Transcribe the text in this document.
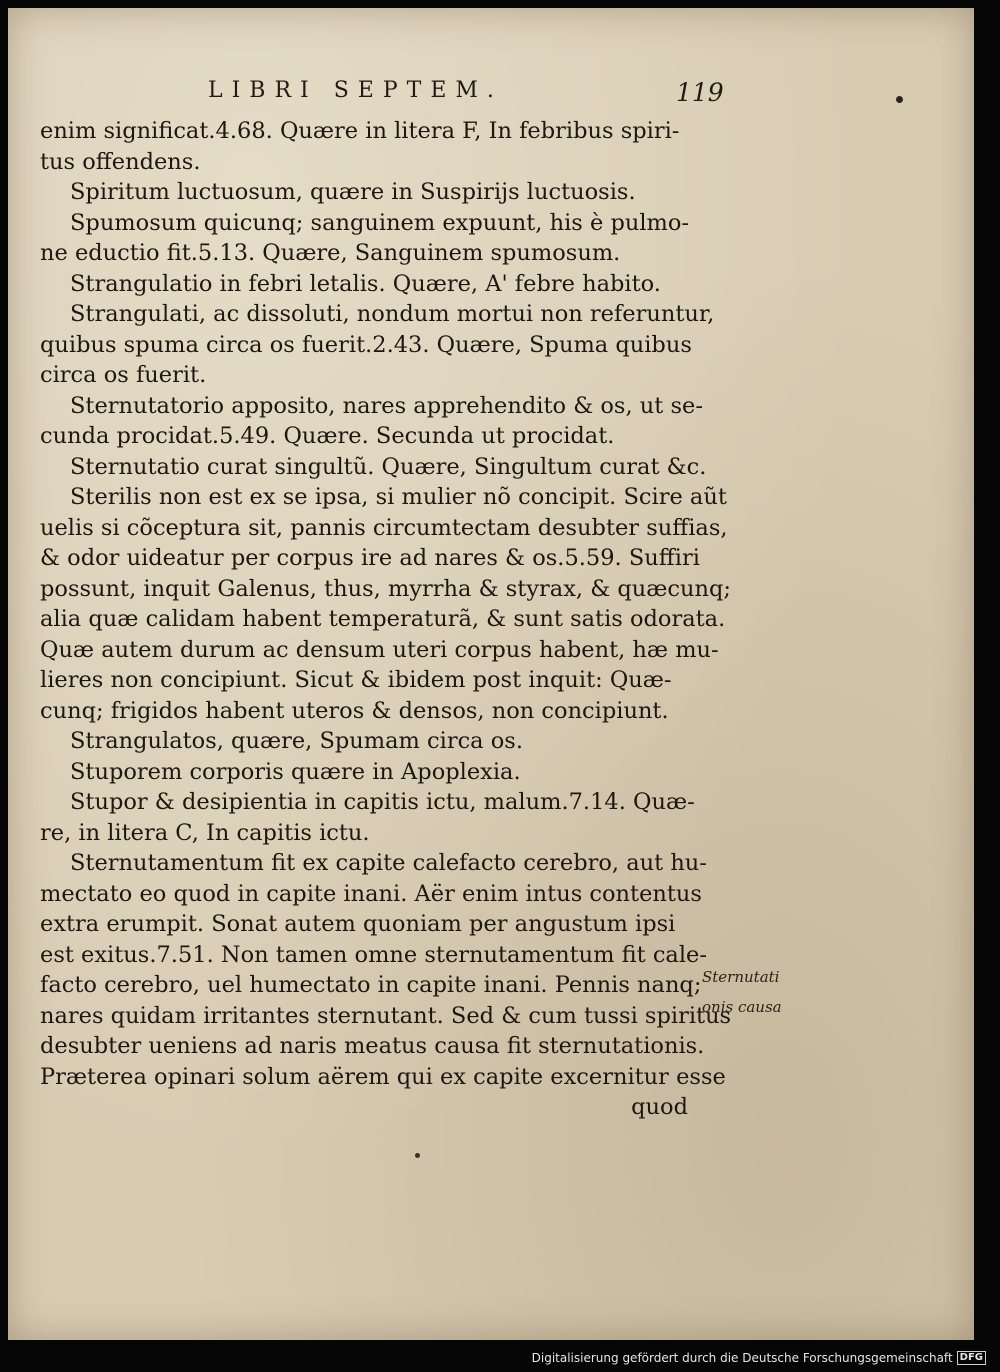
LIBRI SEPTEM.	119
enim significat.4.68. Quære in litera F, In febribus spiri-
tus offendens.
Spiritum luctuosum, quære in Suspirijs luctuosis.
Spumosum quicunq; sanguinem expuunt, his è pulmo-
ne eductio fit.5.13. Quære, Sanguinem spumosum.
Strangulatio in febri letalis. Quære, A' febre habito.
Strangulati, ac dissoluti, nondum mortui non referuntur,
quibus spuma circa os fuerit.2.43. Quære, Spuma quibus
circa os fuerit.
Sternutatorio apposito, nares apprehendito & os, ut se-
cunda procidat.5.49. Quære. Secunda ut procidat.
Sternutatio curat singultũ. Quære, Singultum curat &c.
Sterilis non est ex se ipsa, si mulier nõ concipit. Scire aũt
uelis si cõceptura sit, pannis circumtectam desubter suffias,
& odor uideatur per corpus ire ad nares & os.5.59. Suffiri
possunt, inquit Galenus, thus, myrrha & styrax, & quæcunq;
alia quæ calidam habent temperaturã, & sunt satis odorata.
Quæ autem durum ac densum uteri corpus habent, hæ mu-
lieres non concipiunt. Sicut & ibidem post inquit: Quæ-
cunq; frigidos habent uteros & densos, non concipiunt.
Strangulatos, quære, Spumam circa os.
Stuporem corporis quære in Apoplexia.
Stupor & desipientia in capitis ictu, malum.7.14. Quæ-
re, in litera C, In capitis ictu.
Sternutamentum fit ex capite calefacto cerebro, aut hu-
mectato eo quod in capite inani. Aër enim intus contentus
extra erumpit. Sonat autem quoniam per angustum ipsi
est exitus.7.51. Non tamen omne sternutamentum fit cale-
facto cerebro, uel humectato in capite inani. Pennis nanq;
nares quidam irritantes sternutant. Sed & cum tussi spiritus
desubter ueniens ad naris meatus causa fit sternutationis.
Præterea opinari solum aërem qui ex capite excernitur esse
quod
Sternutati
onis causa
Digitalisierung gefördert durch die Deutsche Forschungsgemeinschaft DFG
